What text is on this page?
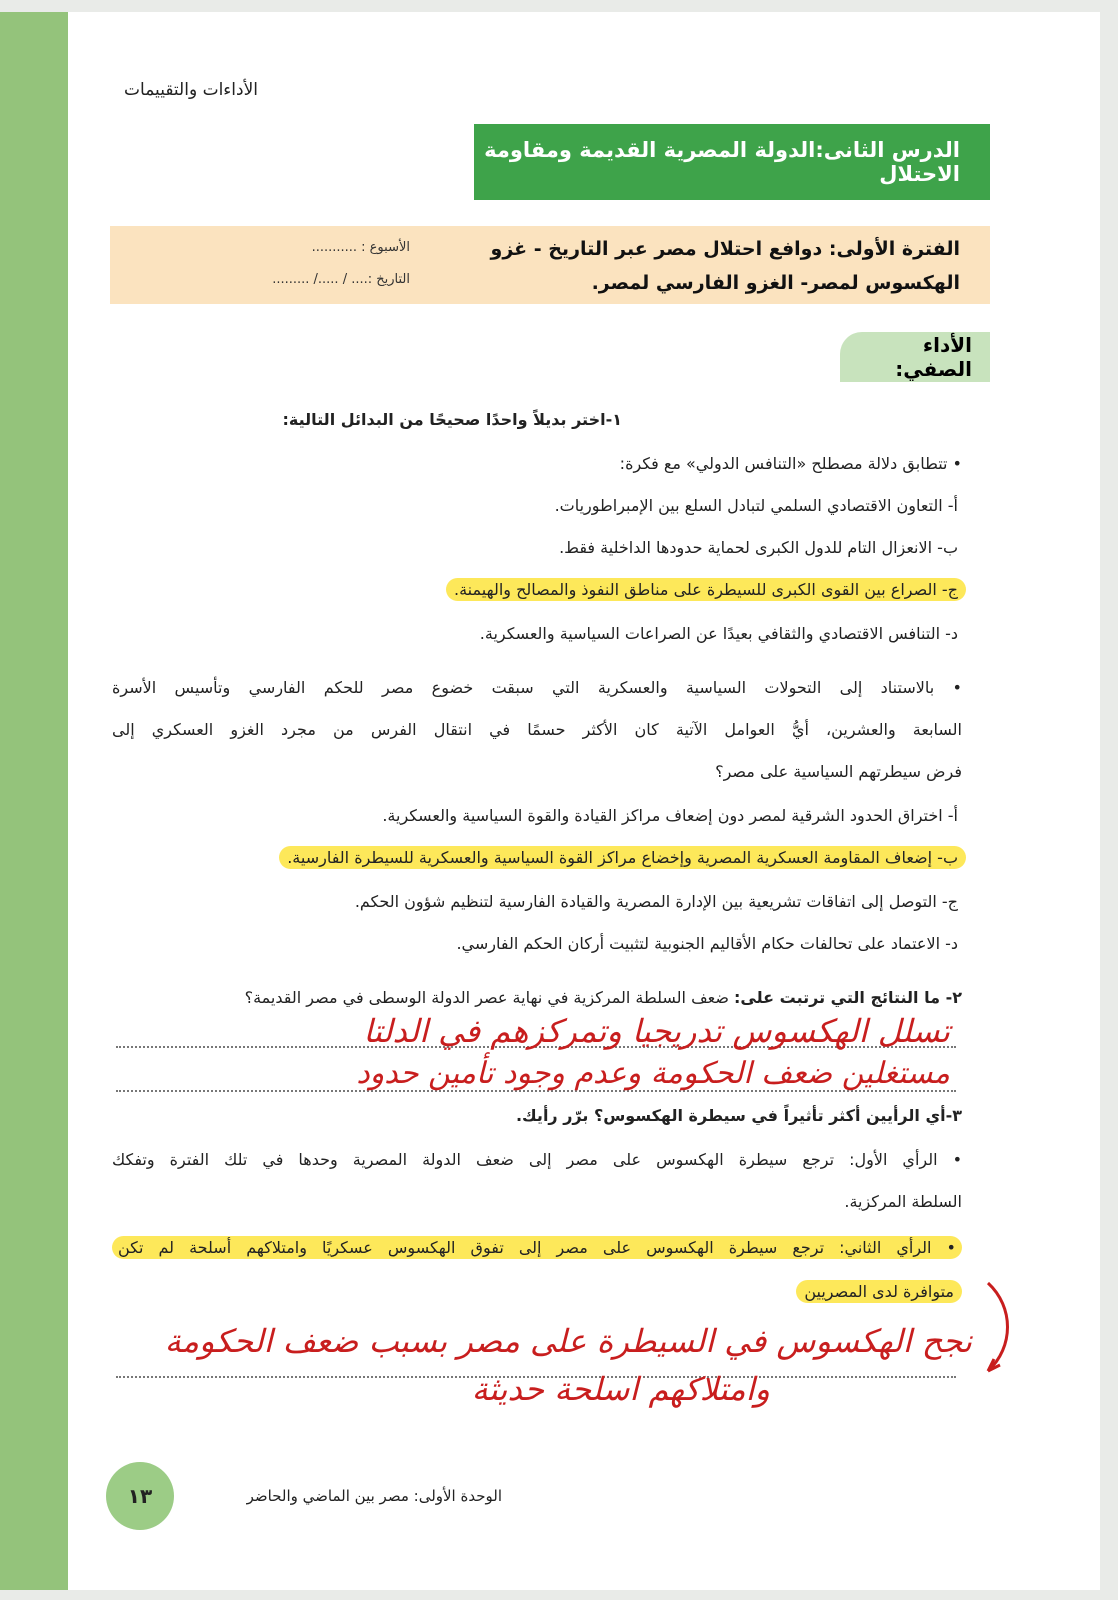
الأداءات والتقييمات
الدرس الثانى:الدولة المصرية القديمة ومقاومة الاحتلال
الفترة الأولى: دوافع احتلال مصر عبر التاريخ - غزو الهكسوس لمصر- الغزو الفارسي لمصر.
الأسبوع : ...........
التاريخ :.... / ...../ .........
الأداء الصفي:
١-اختر بديلاً واحدًا صحيحًا من البدائل التالية:
• تتطابق دلالة مصطلح «التنافس الدولي» مع فكرة:
أ- التعاون الاقتصادي السلمي لتبادل السلع بين الإمبراطوريات.
ب- الانعزال التام للدول الكبرى لحماية حدودها الداخلية فقط.
ج- الصراع بين القوى الكبرى للسيطرة على مناطق النفوذ والمصالح والهيمنة.
د- التنافس الاقتصادي والثقافي بعيدًا عن الصراعات السياسية والعسكرية.
• بالاستناد إلى التحولات السياسية والعسكرية التي سبقت خضوع مصر للحكم الفارسي وتأسيس الأسرة
السابعة والعشرين، أيُّ العوامل الآتية كان الأكثر حسمًا في انتقال الفرس من مجرد الغزو العسكري إلى
فرض سيطرتهم السياسية على مصر؟
أ- اختراق الحدود الشرقية لمصر دون إضعاف مراكز القيادة والقوة السياسية والعسكرية.
ب- إضعاف المقاومة العسكرية المصرية وإخضاع مراكز القوة السياسية والعسكرية للسيطرة الفارسية.
ج- التوصل إلى اتفاقات تشريعية بين الإدارة المصرية والقيادة الفارسية لتنظيم شؤون الحكم.
د- الاعتماد على تحالفات حكام الأقاليم الجنوبية لتثبيت أركان الحكم الفارسي.
٢- ما النتائج التي ترتبت على: ضعف السلطة المركزية في نهاية عصر الدولة الوسطى في مصر القديمة؟
تسلل الهكسوس تدريجيا وتمركزهم في الدلتا
مستغلين ضعف الحكومة وعدم وجود تأمين حدود
٣-أي الرأيين أكثر تأثيراً في سيطرة الهكسوس؟ برّر رأيك.
• الرأي الأول: ترجع سيطرة الهكسوس على مصر إلى ضعف الدولة المصرية وحدها في تلك الفترة وتفكك
السلطة المركزية.
• الرأي الثاني: ترجع سيطرة الهكسوس على مصر إلى تفوق الهكسوس عسكريًا وامتلاكهم أسلحة لم تكن
متوافرة لدى المصريين
نجح الهكسوس في السيطرة على مصر بسبب ضعف الحكومة
وامتلاكهم اسلحة حديثة
١٣	الوحدة الأولى: مصر بين الماضي والحاضر
